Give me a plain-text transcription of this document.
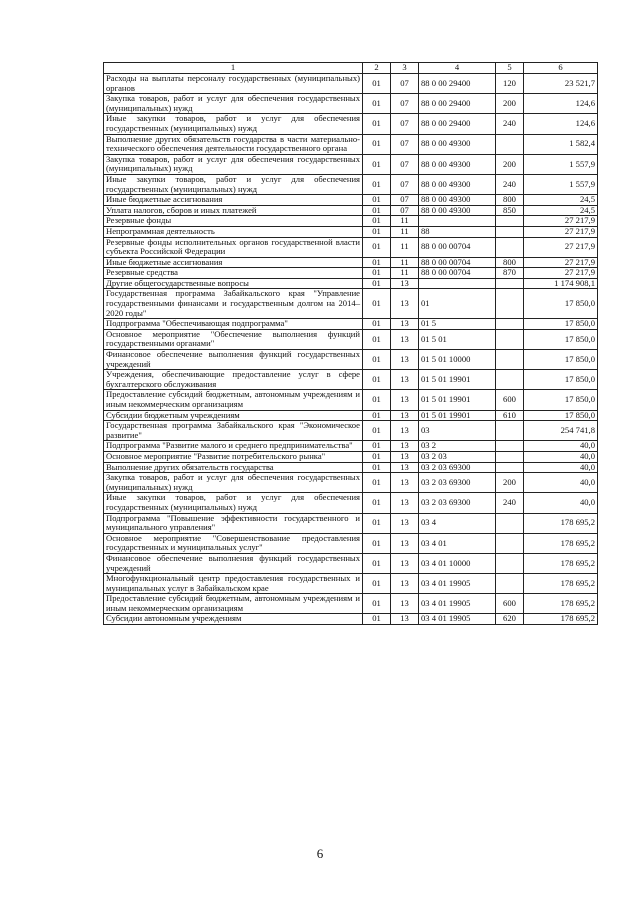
1	2	3	4	5	6
Расходы на выплаты персоналу государственных (муниципальных) органов	01	07	88 0 00 29400	120	23 521,7
Закупка товаров, работ и услуг для обеспечения государственных (муниципальных) нужд	01	07	88 0 00 29400	200	124,6
Иные закупки товаров, работ и услуг для обеспечения государственных (муниципальных) нужд	01	07	88 0 00 29400	240	124,6
Выполнение других обязательств государства в части материально-технического обеспечения деятельности государственного органа	01	07	88 0 00 49300		1 582,4
Закупка товаров, работ и услуг для обеспечения государственных (муниципальных) нужд	01	07	88 0 00 49300	200	1 557,9
Иные закупки товаров, работ и услуг для обеспечения государственных (муниципальных) нужд	01	07	88 0 00 49300	240	1 557,9
Иные бюджетные ассигнования	01	07	88 0 00 49300	800	24,5
Уплата налогов, сборов и иных платежей	01	07	88 0 00 49300	850	24,5
Резервные фонды	01	11			27 217,9
Непрограммная деятельность	01	11	88		27 217,9
Резервные фонды исполнительных органов государственной власти субъекта Российской Федерации	01	11	88 0 00 00704		27 217,9
Иные бюджетные ассигнования	01	11	88 0 00 00704	800	27 217,9
Резервные средства	01	11	88 0 00 00704	870	27 217,9
Другие общегосударственные вопросы	01	13			1 174 908,1
Государственная программа Забайкальского края "Управление государственными финансами и государственным долгом на 2014–2020 годы"	01	13	01		17 850,0
Подпрограмма "Обеспечивающая подпрограмма"	01	13	01 5		17 850,0
Основное мероприятие "Обеспечение выполнения функций государственными органами"	01	13	01 5 01		17 850,0
Финансовое обеспечение выполнения функций государственных учреждений	01	13	01 5 01 10000		17 850,0
Учреждения, обеспечивающие предоставление услуг в сфере бухгалтерского обслуживания	01	13	01 5 01 19901		17 850,0
Предоставление субсидий бюджетным, автономным учреждениям и иным некоммерческим организациям	01	13	01 5 01 19901	600	17 850,0
Субсидии бюджетным учреждениям	01	13	01 5 01 19901	610	17 850,0
Государственная программа Забайкальского края "Экономическое развитие"	01	13	03		254 741,8
Подпрограмма "Развитие малого и среднего предпринимательства"	01	13	03 2		40,0
Основное мероприятие "Развитие потребительского рынка"	01	13	03 2 03		40,0
Выполнение других обязательств государства	01	13	03 2 03 69300		40,0
Закупка товаров, работ и услуг для обеспечения государственных (муниципальных) нужд	01	13	03 2 03 69300	200	40,0
Иные закупки товаров, работ и услуг для обеспечения государственных (муниципальных) нужд	01	13	03 2 03 69300	240	40,0
Подпрограмма "Повышение эффективности государственного и муниципального управления"	01	13	03 4		178 695,2
Основное мероприятие "Совершенствование предоставления государственных и муниципальных услуг"	01	13	03 4 01		178 695,2
Финансовое обеспечение выполнения функций государственных учреждений	01	13	03 4 01 10000		178 695,2
Многофункциональный центр предоставления государственных и муниципальных услуг в Забайкальском крае	01	13	03 4 01 19905		178 695,2
Предоставление субсидий бюджетным, автономным учреждениям и иным некоммерческим организациям	01	13	03 4 01 19905	600	178 695,2
Субсидии автономным учреждениям	01	13	03 4 01 19905	620	178 695,2
6
